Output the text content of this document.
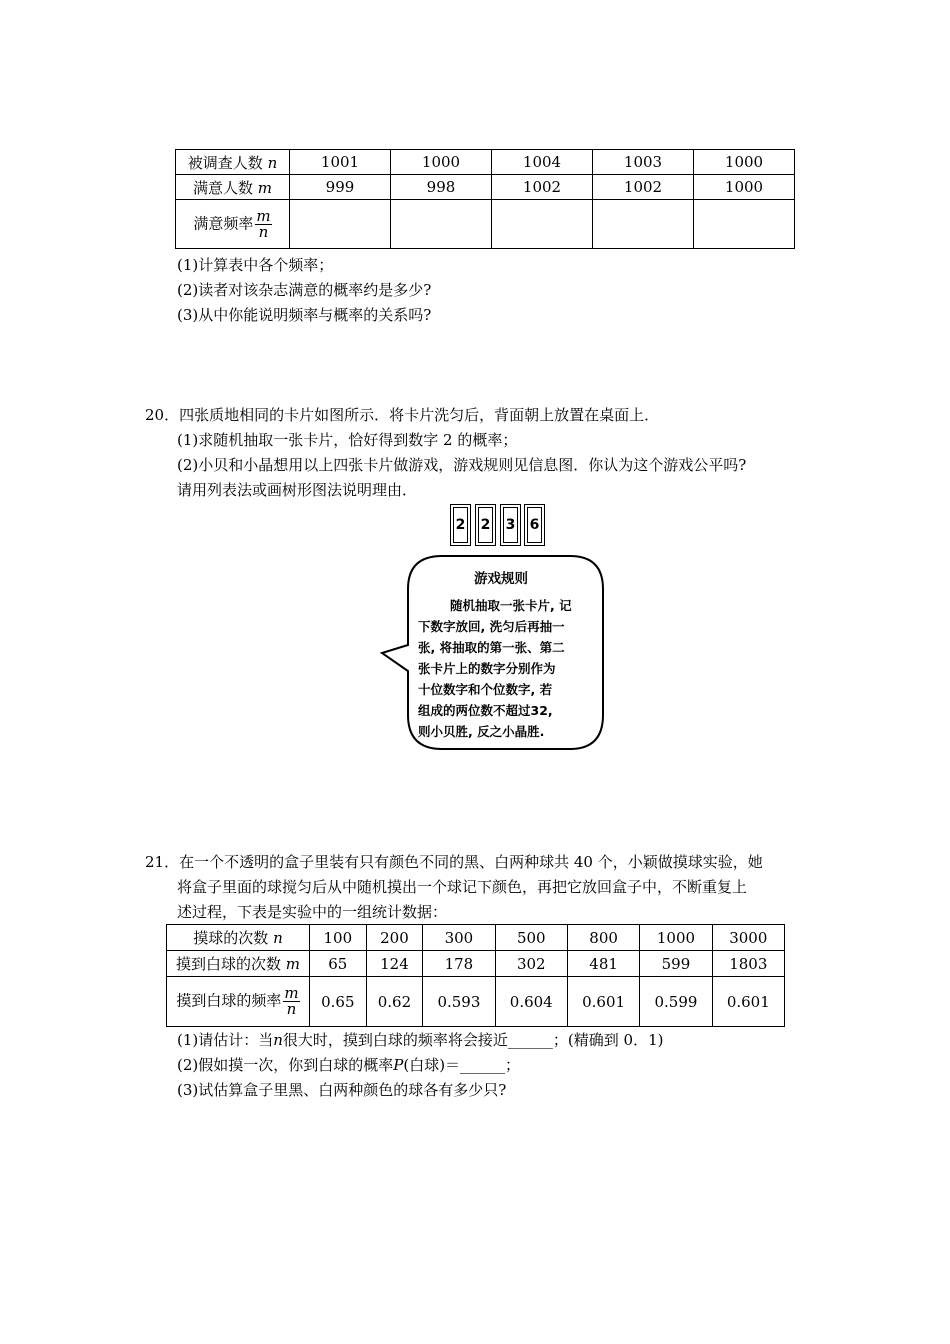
被调查人数 n	1001	1000	1004	1003	1000
满意人数 m	999	998	1002	1002	1000
满意频率 $\frac{m}{n}$

(1)计算表中各个频率；
(2)读者对该杂志满意的概率约是多少?
(3)从中你能说明频率与概率的关系吗?
20．四张质地相同的卡片如图所示．将卡片洗匀后，背面朝上放置在桌面上．
(1)求随机抽取一张卡片，恰好得到数字 2 的概率；
(2)小贝和小晶想用以上四张卡片做游戏，游戏规则见信息图．你认为这个游戏公平吗?
请用列表法或画树形图法说明理由．
2 2 3 6
游戏规则
随机抽取一张卡片, 记
下数字放回, 洗匀后再抽一
张, 将抽取的第一张、第二
张卡片上的数字分别作为
十位数字和个位数字, 若
组成的两位数不超过32,
则小贝胜, 反之小晶胜.
21．在一个不透明的盒子里装有只有颜色不同的黑、白两种球共 40 个，小颖做摸球实验，她
将盒子里面的球搅匀后从中随机摸出一个球记下颜色，再把它放回盒子中，不断重复上
述过程，下表是实验中的一组统计数据：
摸球的次数 n	100	200	300	500	800	1000	3000
摸到白球的次数 m	65	124	178	302	481	599	1803
摸到白球的频率 $\frac{m}{n}$	0.65	0.62	0.593	0.604	0.601	0.599	0.601
(1)请估计：当n很大时，摸到白球的频率将会接近______；(精确到 0．1)
(2)假如摸一次，你到白球的概率P(白球)＝______；
(3)试估算盒子里黑、白两种颜色的球各有多少只?
